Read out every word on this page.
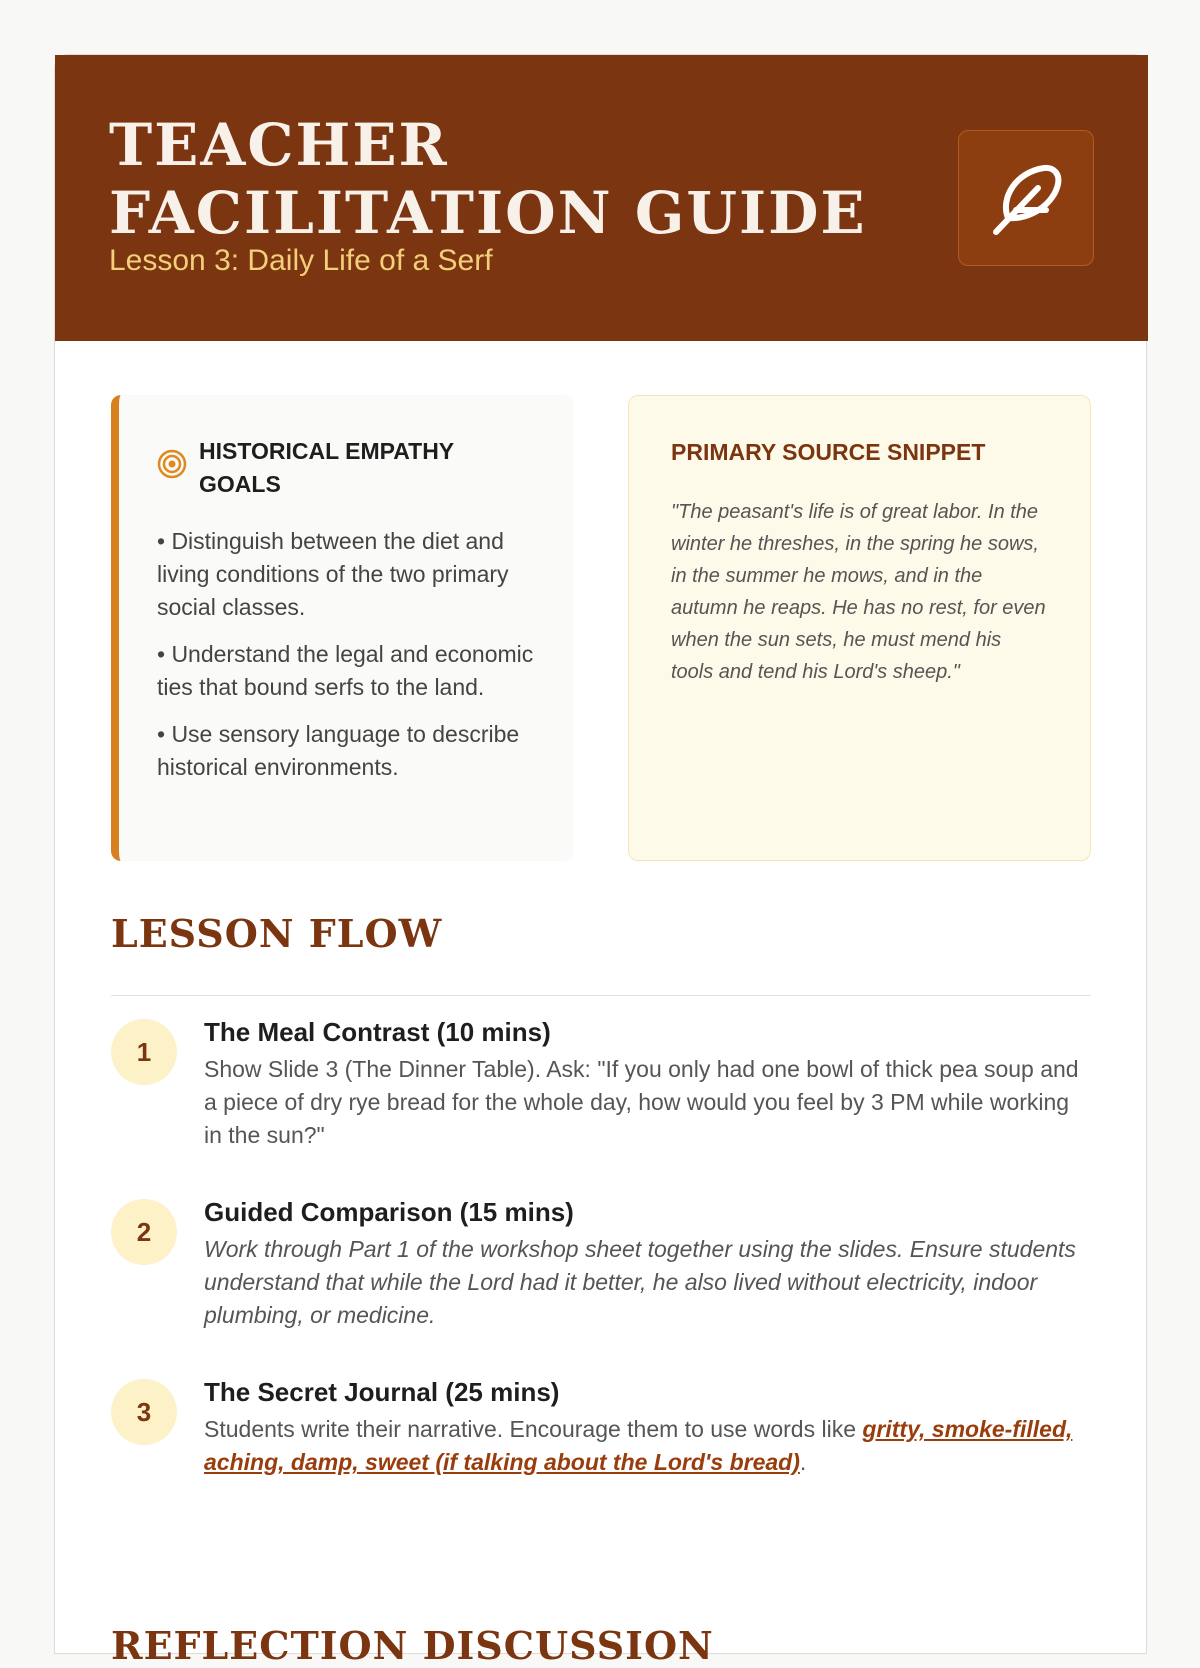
TEACHER FACILITATION GUIDE
Lesson 3: Daily Life of a Serf
HISTORICAL EMPATHY GOALS
• Distinguish between the diet and living conditions of the two primary social classes.
• Understand the legal and economic ties that bound serfs to the land.
• Use sensory language to describe historical environments.
PRIMARY SOURCE SNIPPET
"The peasant's life is of great labor. In the winter he threshes, in the spring he sows, in the summer he mows, and in the autumn he reaps. He has no rest, for even when the sun sets, he must mend his tools and tend his Lord's sheep."
LESSON FLOW
1
The Meal Contrast (10 mins)
Show Slide 3 (The Dinner Table). Ask: "If you only had one bowl of thick pea soup and a piece of dry rye bread for the whole day, how would you feel by 3 PM while working in the sun?"
2
Guided Comparison (15 mins)
Work through Part 1 of the workshop sheet together using the slides. Ensure students understand that while the Lord had it better, he also lived without electricity, indoor plumbing, or medicine.
3
The Secret Journal (25 mins)
Students write their narrative. Encourage them to use words like gritty, smoke-filled, aching, damp, sweet (if talking about the Lord's bread).
REFLECTION DISCUSSION
